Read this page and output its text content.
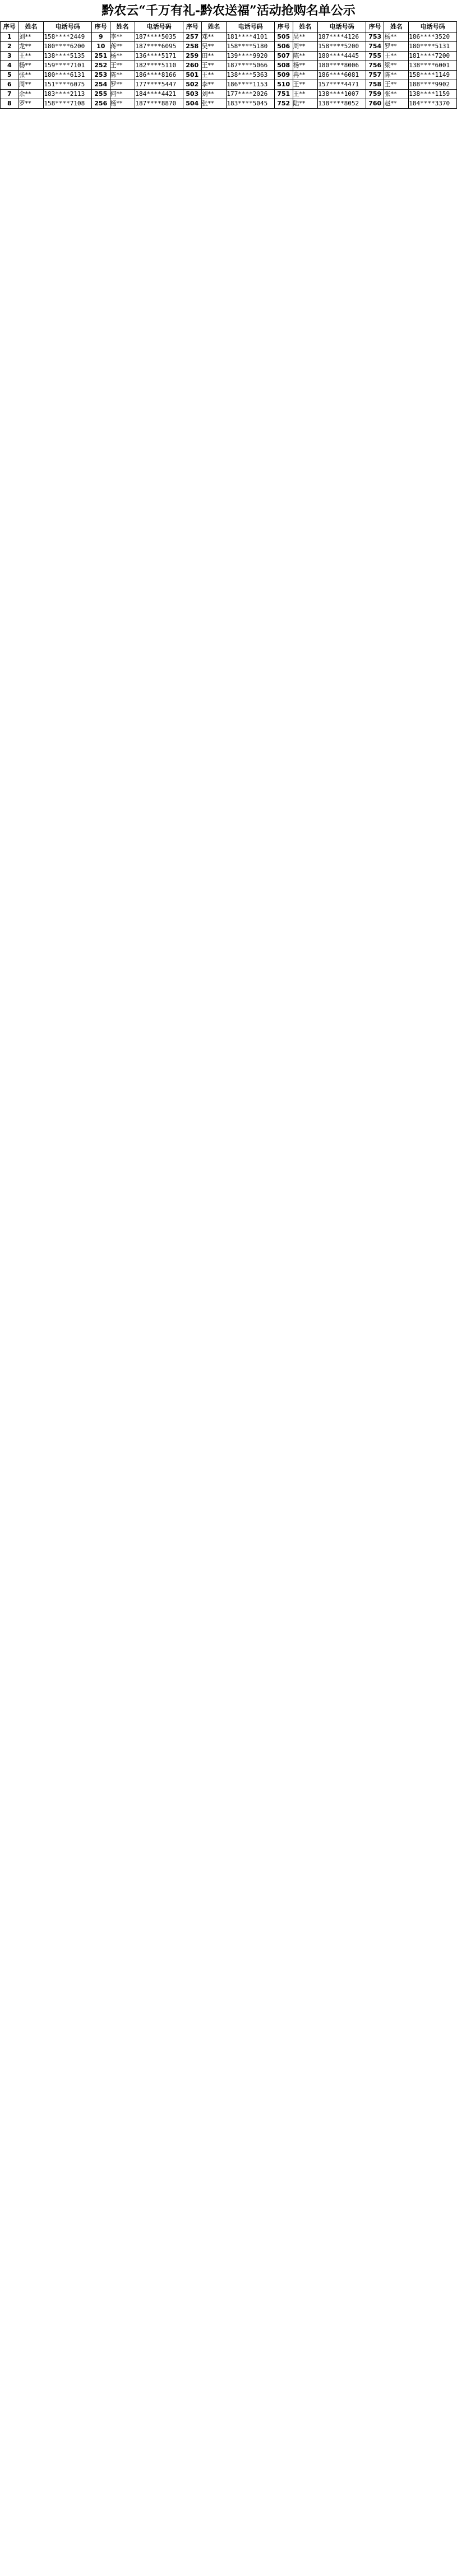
黔农云“千万有礼-黔农送福”活动抢购名单公示
序号	姓名	电话号码	序号	姓名	电话号码	序号	姓名	电话号码	序号	姓名	电话号码	序号	姓名	电话号码
1	刘**	158****2449	9	李**	187****5035	257	邓**	181****4101	505	吴**	187****4126	753	杨**	186****3520
2	龙**	180****6200	10	蒋**	187****6095	258	吴**	158****5180	506	周**	158****5200	754	罗**	180****5131
3	王**	138****5135	251	杨**	136****5171	259	田**	139****9920	507	陈**	180****4445	755	王**	181****7200
4	杨**	159****7101	252	王**	182****5110	260	王**	187****5066	508	杨**	180****8006	756	梁**	138****6001
5	张**	180****6131	253	陈**	186****8166	501	王**	138****5363	509	冉**	186****6081	757	陈**	158****1149
6	周**	151****6075	254	罗**	177****5447	502	李**	186****1153	510	王**	157****4471	758	王**	188****9902
7	余**	183****2113	255	何**	184****4421	503	刘**	177****2026	751	王**	138****1007	759	张**	138****1159
8	罗**	158****7108	256	杨**	187****8870	504	张**	183****5045	752	陆**	138****8052	760	赵**	184****3370
